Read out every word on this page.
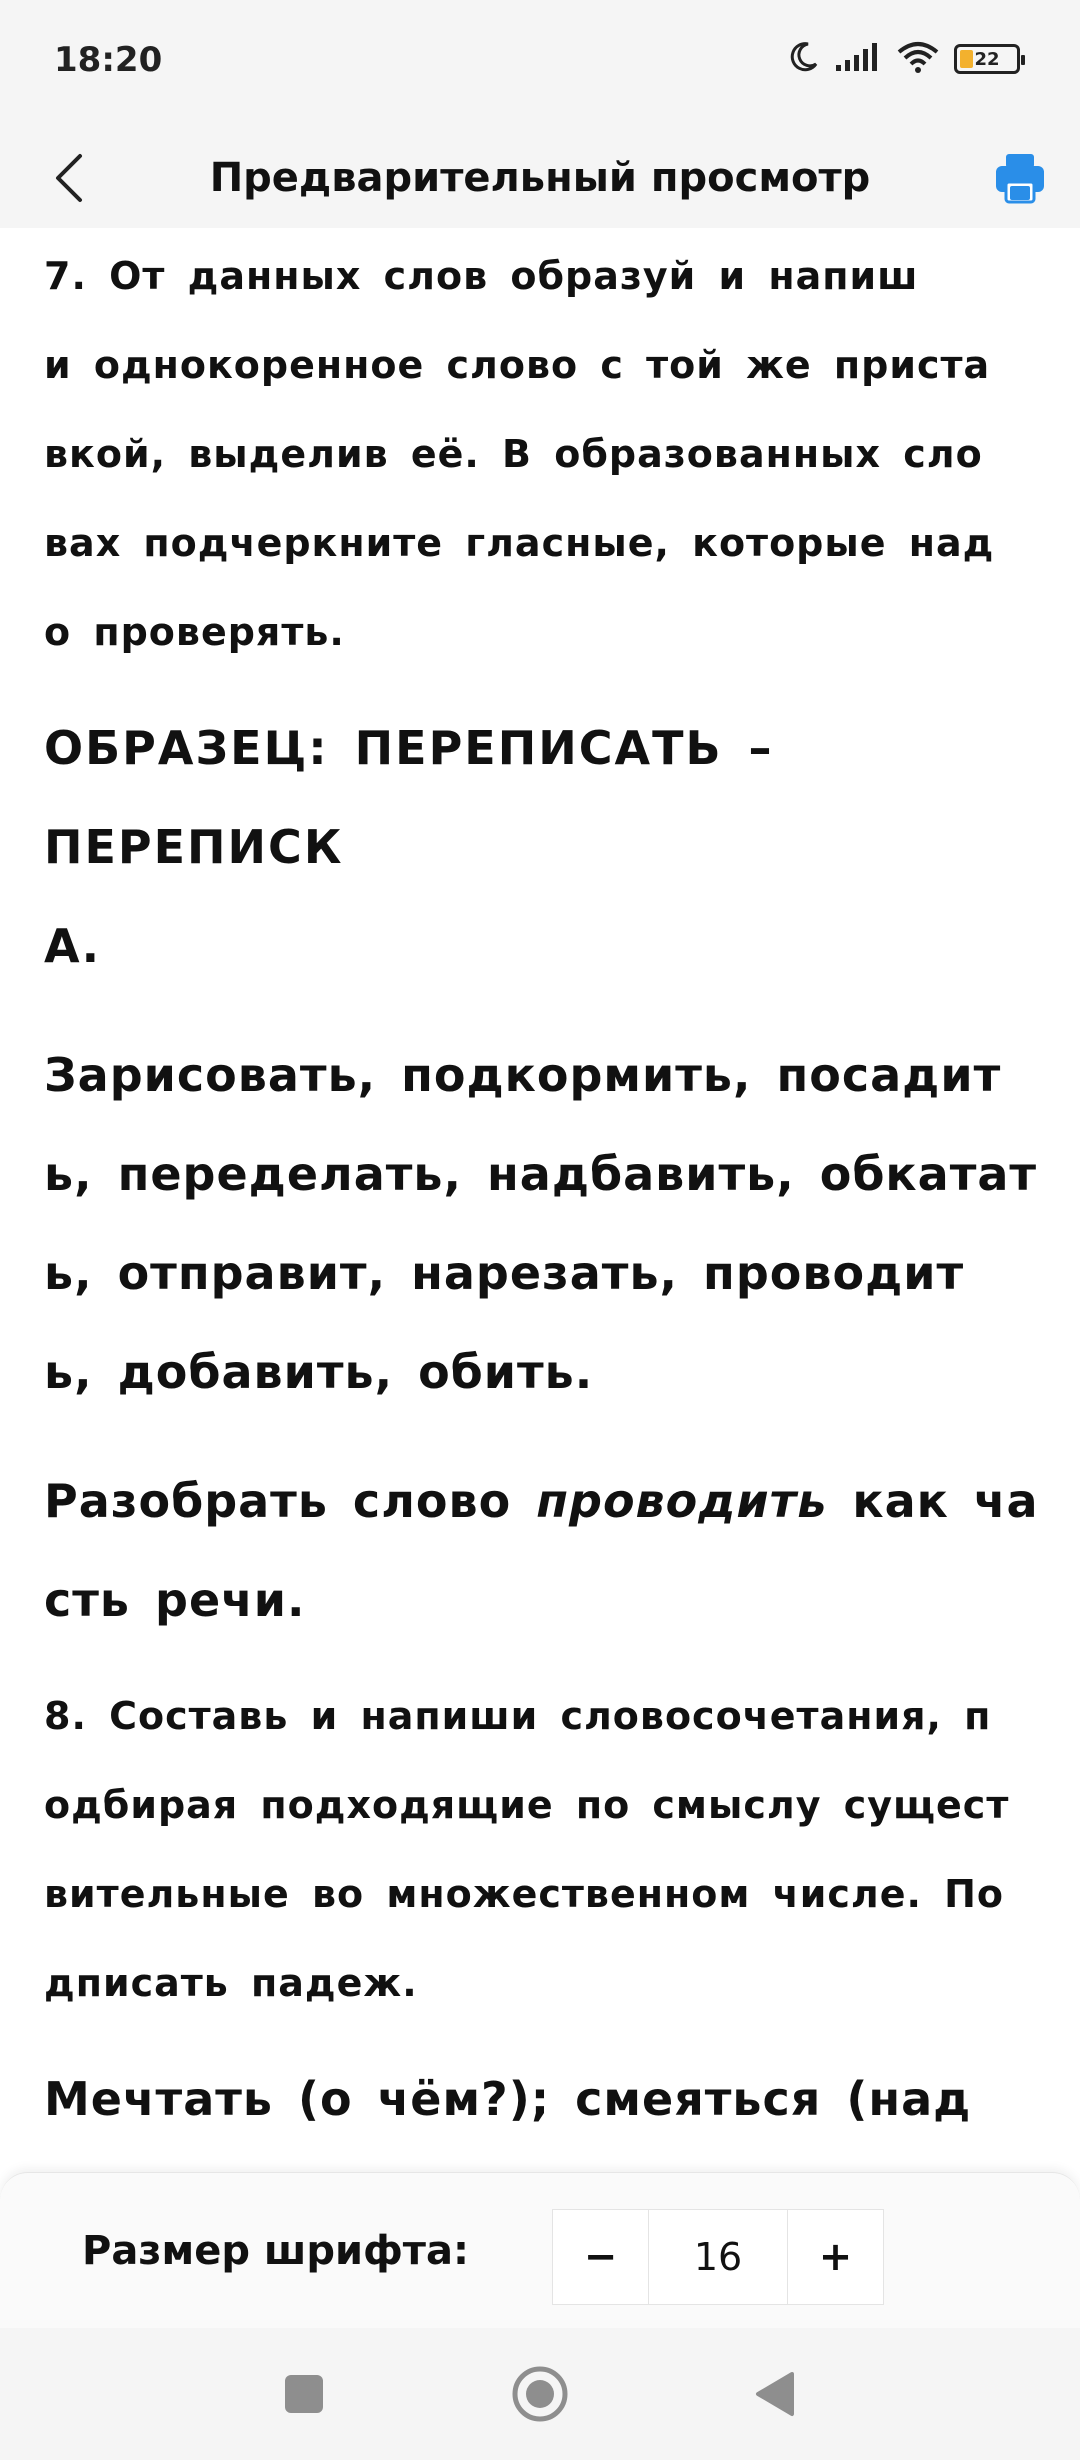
18:20	22
Предварительный просмотр
7. От данных слов образуй и напиш
и однокоренное слово с той же приста
вкой, выделив её. В образованных сло
вах подчеркните гласные, которые над
о проверять.
ОБРАЗЕЦ: ПЕРЕПИСАТЬ – ПЕРЕПИСК
А.
Зарисовать, подкормить, посадит
ь, переделать, надбавить, обкатат
ь, отправит, нарезать, проводит
ь, добавить, обить.
Разобрать слово проводить как ча
сть речи.
8. Составь и напиши словосочетания, п
одбирая подходящие по смыслу сущест
вительные во множественном числе. По
дписать падеж.
Мечтать (о чём?); смеяться (над
Размер шрифта:	−	16	+
